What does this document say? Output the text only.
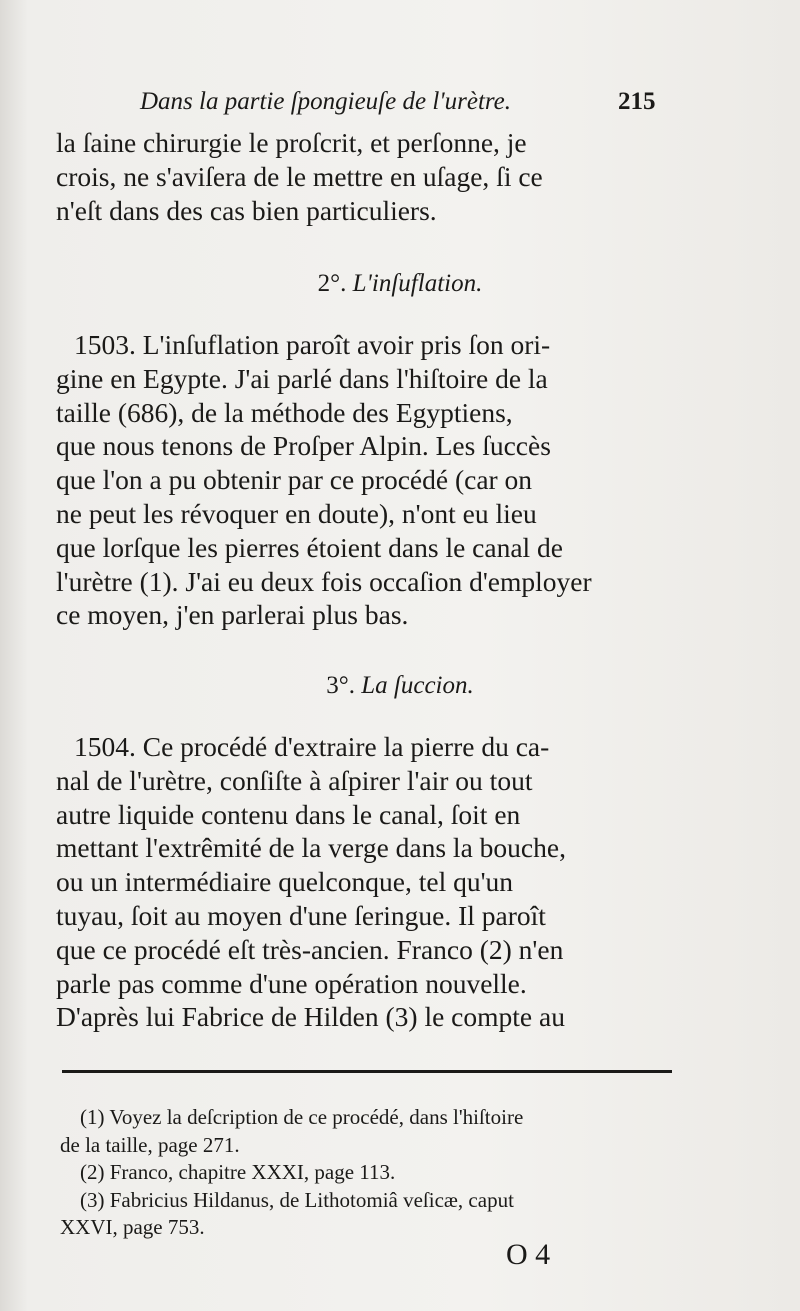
Dans la partie ſpongieuſe de l'urètre.	215

la ſaine chirurgie le proſcrit, et perſonne, je

crois, ne s'aviſera de le mettre en uſage, ſi ce

n'eſt dans des cas bien particuliers.

2°. L'inſuflation.

1503. L'inſuflation paroît avoir pris ſon ori-

gine en Egypte. J'ai parlé dans l'hiſtoire de la

taille (686), de la méthode des Egyptiens,

que nous tenons de Proſper Alpin. Les ſuccès

que l'on a pu obtenir par ce procédé (car on

ne peut les révoquer en doute), n'ont eu lieu

que lorſque les pierres étoient dans le canal de

l'urètre (1). J'ai eu deux fois occaſion d'employer

ce moyen, j'en parlerai plus bas.

3°. La ſuccion.

1504. Ce procédé d'extraire la pierre du ca-

nal de l'urètre, conſiſte à aſpirer l'air ou tout

autre liquide contenu dans le canal, ſoit en

mettant l'extrêmité de la verge dans la bouche,

ou un intermédiaire quelconque, tel qu'un

tuyau, ſoit au moyen d'une ſeringue. Il paroît

que ce procédé eſt très-ancien. Franco (2) n'en

parle pas comme d'une opération nouvelle.

D'après lui Fabrice de Hilden (3) le compte au

(1) Voyez la deſcription de ce procédé, dans l'hiſtoire

de la taille, page 271.

(2) Franco, chapitre XXXI, page 113.

(3) Fabricius Hildanus, de Lithotomiâ veſicæ, caput

XXVI, page 753.

O 4
